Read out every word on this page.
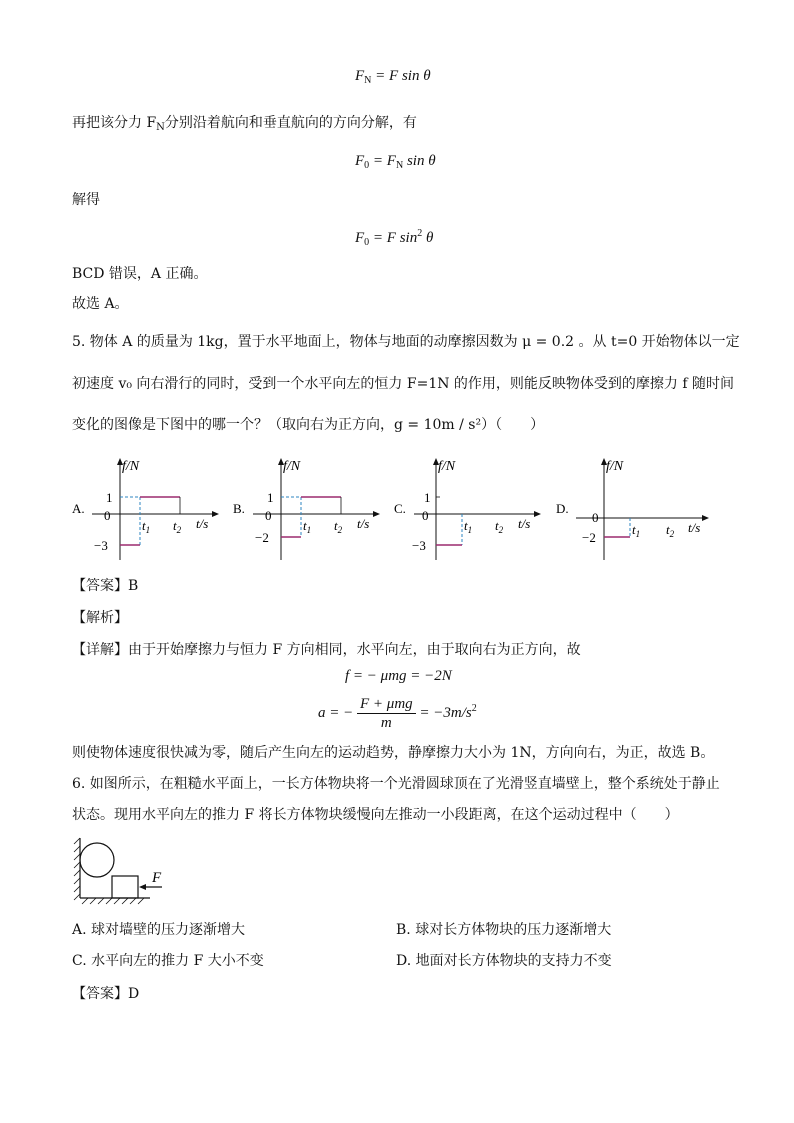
$F_N = F$ sin θ
再把该分力 $F_N$分别沿着航向和垂直航向的方向分解，有
$F_0 = F_N$ sin θ
解得
$F_0 = F$ $\sin^2 \theta$
BCD 错误，A 正确。
故选 A。
5. 物体 A 的质量为 1kg，置于水平地面上，物体与地面的动摩擦因数为 μ = 0.2 。从 t=0 开始物体以一定
初速度 v₀ 向右滑行的同时，受到一个水平向左的恒力 F=1N 的作用，则能反映物体受到的摩擦力 f 随时间
变化的图像是下图中的哪一个？（取向右为正方向，g = 10m / s²）（　　）
A.
f/N
1
0
−3
$t_1$ $t_2$ t/s
B.
f/N
1
0
−2
$t_1$ $t_2$ t/s
C.
f/N
1
0
−3
$t_1$ $t_2$ t/s
D.
f/N
0
−2
$t_1$ $t_2$ t/s
【答案】B
【解析】
【详解】由于开始摩擦力与恒力 F 方向相同，水平向左，由于取向右为正方向，故
f = − μmg = −2N
a = − $\frac{\text{F + μmg}}{m} = -3m/s^2$
则使物体速度很快减为零，随后产生向左的运动趋势，静摩擦力大小为 1N，方向向右，为正，故选 B。
6. 如图所示，在粗糙水平面上，一长方体物块将一个光滑圆球顶在了光滑竖直墙壁上，整个系统处于静止
状态。现用水平向左的推力 F 将长方体物块缓慢向左推动一小段距离，在这个运动过程中（　　）
F
A. 球对墙壁的压力逐渐增大	B. 球对长方体物块的压力逐渐增大
C. 水平向左的推力 F 大小不变	D. 地面对长方体物块的支持力不变
【答案】D
